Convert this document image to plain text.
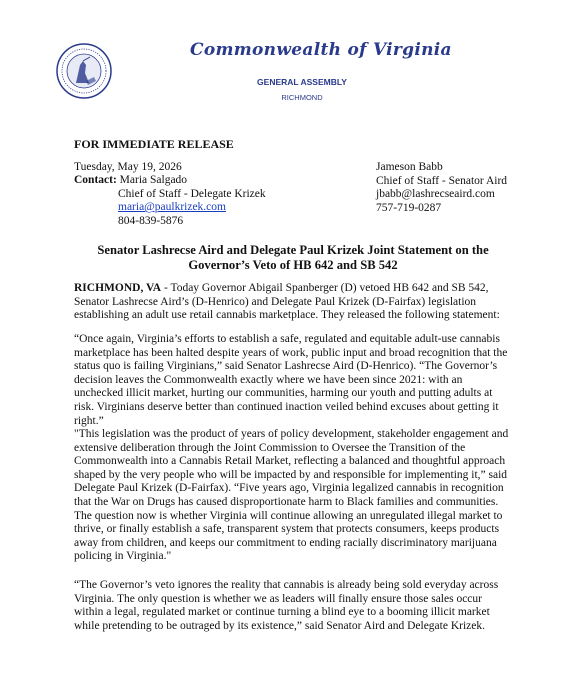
Commonwealth of Virginia
GENERAL ASSEMBLY
RICHMOND
FOR IMMEDIATE RELEASE
Tuesday, May 19, 2026
Contact: Maria Salgado
Chief of Staff - Delegate Krizek
maria@paulkrizek.com
804-839-5876
Jameson Babb
Chief of Staff - Senator Aird
jbabb@lashrecseaird.com
757-719-0287
Senator Lashrecse Aird and Delegate Paul Krizek Joint Statement on the
Governor’s Veto of HB 642 and SB 542
RICHMOND, VA - Today Governor Abigail Spanberger (D) vetoed HB 642 and SB 542, Senator Lashrecse Aird’s (D-Henrico) and Delegate Paul Krizek (D-Fairfax) legislation establishing an adult use retail cannabis marketplace. They released the following statement:
“Once again, Virginia’s efforts to establish a safe, regulated and equitable adult-use cannabis marketplace has been halted despite years of work, public input and broad recognition that the status quo is failing Virginians,” said Senator Lashrecse Aird (D-Henrico). “The Governor’s decision leaves the Commonwealth exactly where we have been since 2021: with an unchecked illicit market, hurting our communities, harming our youth and putting adults at risk. Virginians deserve better than continued inaction veiled behind excuses about getting it right.”
"This legislation was the product of years of policy development, stakeholder engagement and extensive deliberation through the Joint Commission to Oversee the Transition of the Commonwealth into a Cannabis Retail Market, reflecting a balanced and thoughtful approach shaped by the very people who will be impacted by and responsible for implementing it,” said Delegate Paul Krizek (D-Fairfax). “Five years ago, Virginia legalized cannabis in recognition that the War on Drugs has caused disproportionate harm to Black families and communities. The question now is whether Virginia will continue allowing an unregulated illegal market to thrive, or finally establish a safe, transparent system that protects consumers, keeps products away from children, and keeps our commitment to ending racially discriminatory marijuana policing in Virginia."
“The Governor’s veto ignores the reality that cannabis is already being sold everyday across Virginia. The only question is whether we as leaders will finally ensure those sales occur within a legal, regulated market or continue turning a blind eye to a booming illicit market while pretending to be outraged by its existence,” said Senator Aird and Delegate Krizek.
